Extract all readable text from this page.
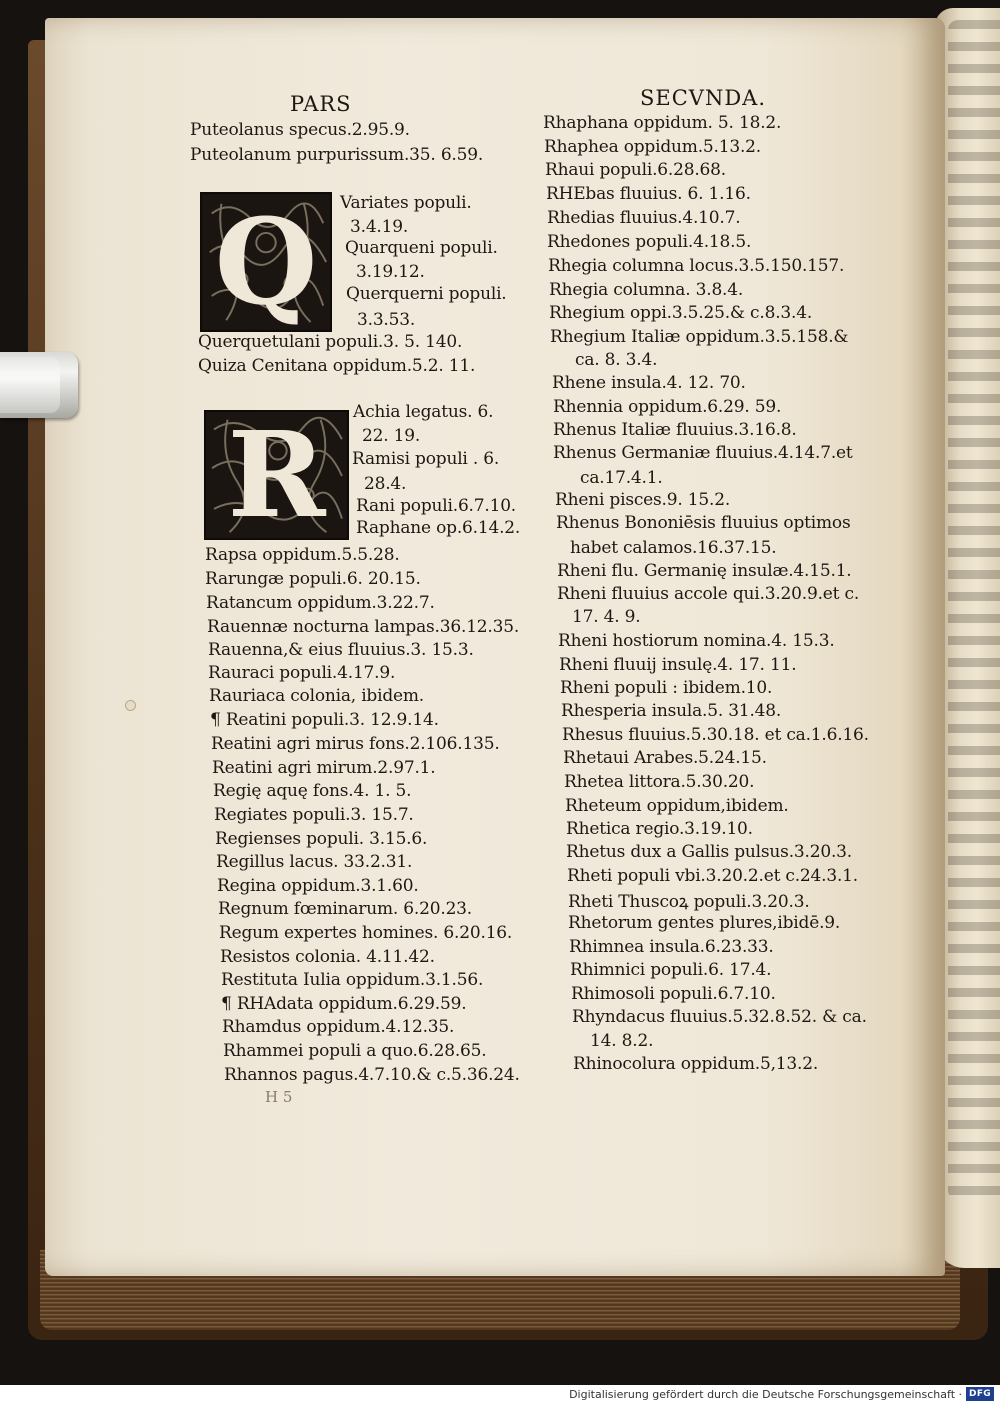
PARS	SECVNDA.
Q
R
Puteolanus specus.2.95.9.
Puteolanum purpurissum.35. 6.59.
Variates populi.
3.4.19.
Quarqueni populi.
3.19.12.
Querquerni populi.
3.3.53.
Querquetulani populi.3. 5. 140.
Quiza Cenitana oppidum.5.2. 11.
Achia legatus. 6.
22. 19.
Ramisi populi . 6.
28.4.
Rani populi.6.7.10.
Raphane op.6.14.2.
Rapsa oppidum.5.5.28.
Rarungæ populi.6. 20.15.
Ratancum oppidum.3.22.7.
Rauennæ nocturna lampas.36.12.35.
Rauenna,& eius fluuius.3. 15.3.
Rauraci populi.4.17.9.
Rauriaca colonia, ibidem.
¶ Reatini populi.3. 12.9.14.
Reatini agri mirus fons.2.106.135.
Reatini agri mirum.2.97.1.
Regię aquę fons.4. 1. 5.
Regiates populi.3. 15.7.
Regienses populi. 3.15.6.
Regillus lacus. 33.2.31.
Regina oppidum.3.1.60.
Regnum fœminarum. 6.20.23.
Regum expertes homines. 6.20.16.
Resistos colonia. 4.11.42.
Restituta Iulia oppidum.3.1.56.
¶ RHAdata oppidum.6.29.59.
Rhamdus oppidum.4.12.35.
Rhammei populi a quo.6.28.65.
Rhannos pagus.4.7.10.& c.5.36.24.
Rhaphana oppidum. 5. 18.2.
Rhaphea oppidum.5.13.2.
Rhaui populi.6.28.68.
RHEbas fluuius. 6. 1.16.
Rhedias fluuius.4.10.7.
Rhedones populi.4.18.5.
Rhegia columna locus.3.5.150.157.
Rhegia columna. 3.8.4.
Rhegium oppi.3.5.25.& c.8.3.4.
Rhegium Italiæ oppidum.3.5.158.&
ca. 8. 3.4.
Rhene insula.4. 12. 70.
Rhennia oppidum.6.29. 59.
Rhenus Italiæ fluuius.3.16.8.
Rhenus Germaniæ fluuius.4.14.7.et
ca.17.4.1.
Rheni pisces.9. 15.2.
Rhenus Bononiēsis fluuius optimos
habet calamos.16.37.15.
Rheni flu. Germanię insulæ.4.15.1.
Rheni fluuius accole qui.3.20.9.et c.
17. 4. 9.
Rheni hostiorum nomina.4. 15.3.
Rheni fluuij insulę.4. 17. 11.
Rheni populi : ibidem.10.
Rhesperia insula.5. 31.48.
Rhesus fluuius.5.30.18. et ca.1.6.16.
Rhetaui Arabes.5.24.15.
Rhetea littora.5.30.20.
Rheteum oppidum,ibidem.
Rhetica regio.3.19.10.
Rhetus dux a Gallis pulsus.3.20.3.
Rheti populi vbi.3.20.2.et c.24.3.1.
Rheti Thuscoꝝ populi.3.20.3.
Rhetorum gentes plures,ibidē.9.
Rhimnea insula.6.23.33.
Rhimnici populi.6. 17.4.
Rhimosoli populi.6.7.10.
Rhyndacus fluuius.5.32.8.52. & ca.
14. 8.2.
Rhinocolura oppidum.5,13.2.
H 5
Digitalisierung gefördert durch die Deutsche Forschungsgemeinschaft · DFG
